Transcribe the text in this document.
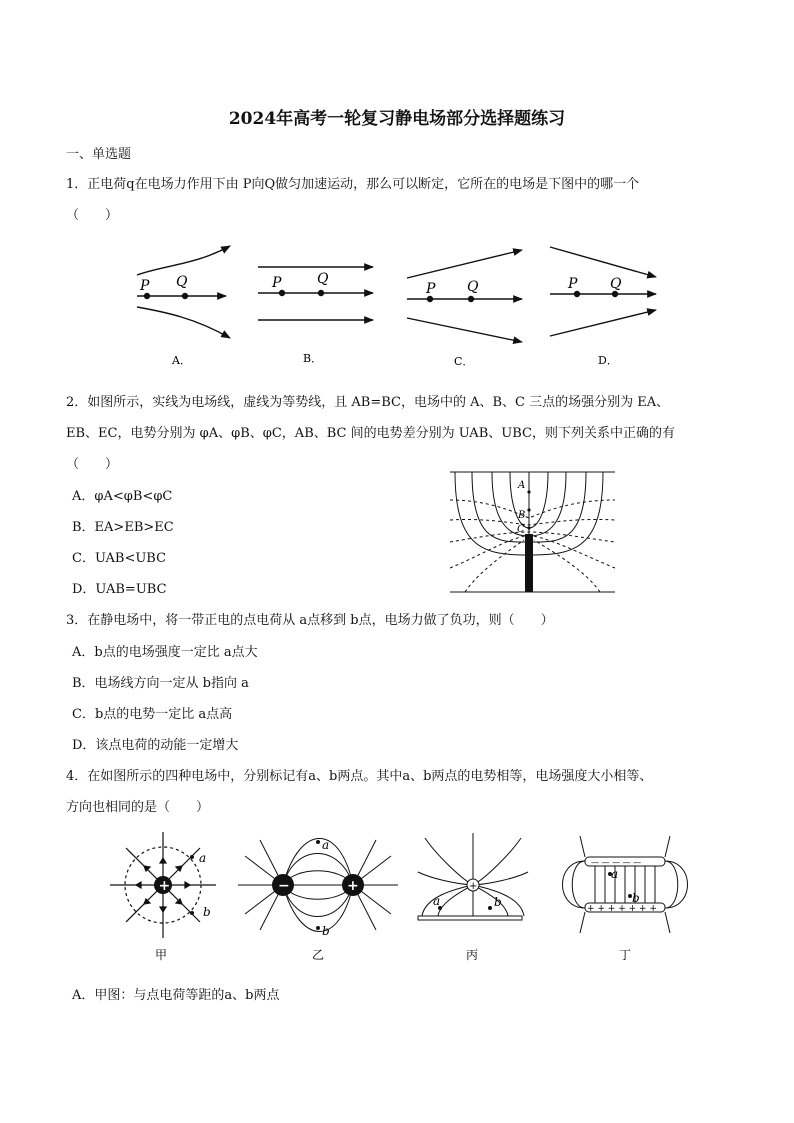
2024年高考一轮复习静电场部分选择题练习
一、单选题
1．正电荷q在电场力作用下由 P向Q做匀加速运动，那么可以断定，它所在的电场是下图中的哪一个
（　　）
P Q
A．
P	Q
B．
P Q
C．
P Q
D．
2．如图所示，实线为电场线，虚线为等势线，且 AB=BC，电场中的 A、B、C 三点的场强分别为 EA、
EB、EC，电势分别为 φA、φB、φC，AB、BC 间的电势差分别为 UAB、UBC，则下列关系中正确的有
（　　）
A．φA<φB<φC
B．EA>EB>EC
C．UAB<UBC
D．UAB=UBC
A
B
C
3．在静电场中，将一带正电的点电荷从 a点移到 b点，电场力做了负功，则（　　）
A．b点的电场强度一定比 a点大
B．电场线方向一定从 b指向 a
C．b点的电势一定比 a点高
D．该点电荷的动能一定增大
4．在如图所示的四种电场中，分别标记有a、b两点。其中a、b两点的电势相等，电场强度大小相等、
方向也相同的是（　　）
+
a
b
甲
−	+
a
b
乙
+
a	b
丙
— — — — —
+ + + + + + +
a
b
丁
A．甲图：与点电荷等距的a、b两点
